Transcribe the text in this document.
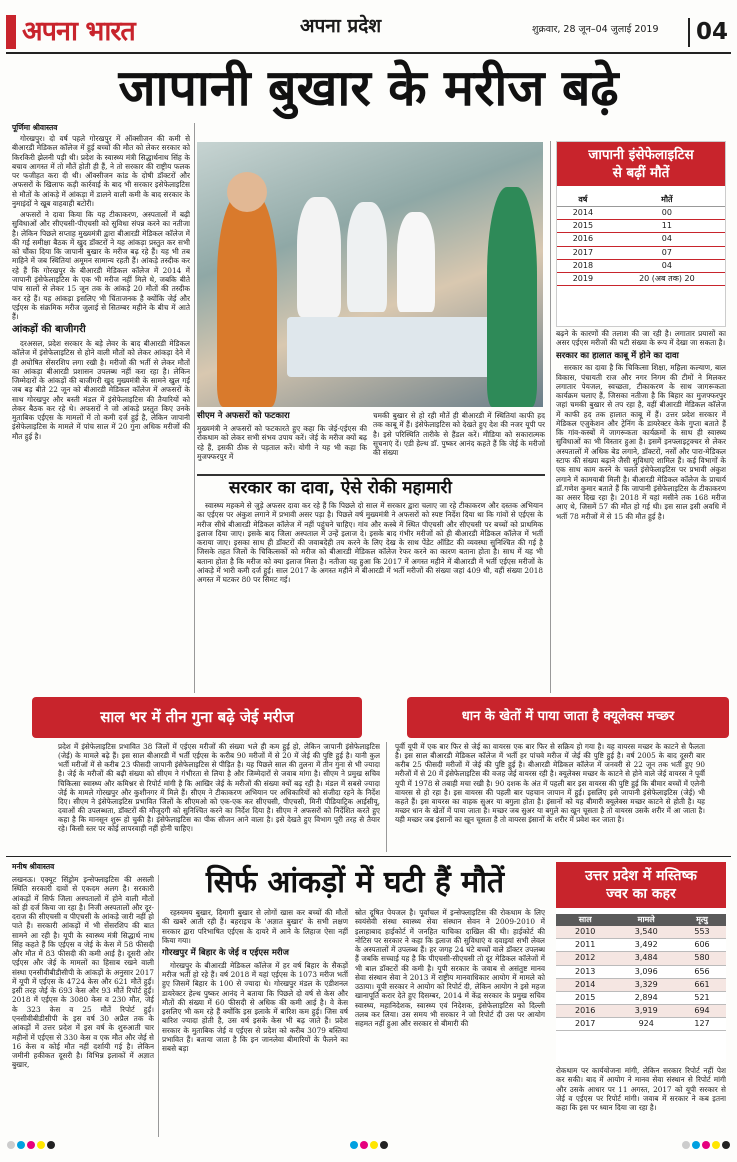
अपना भारत	अपना प्रदेश	शुक्रवार, 28 जून–04 जुलाई 2019	04
जापानी बुखार के मरीज बढ़े
पूर्णिमा श्रीवास्तव

गोरखपुर। दो वर्ष पहले गोरखपुर में ऑक्सीजन की कमी से बीआरडी मेडिकल कॉलेज में हुई बच्चों की मौत को लेकर सरकार को किरकिरी झेलनी पड़ी थी। प्रदेश के स्वास्थ्य मंत्री सिद्धार्थनाथ सिंह के बचाव आगस्त में तो मौतें होती ही हैं, ने तो सरकार की राष्ट्रीय फलक पर फजीहत करा दी थी। ऑक्सीजन कांड के दोषी डॉक्टरों और अफसरों के खिलाफ कड़ी कार्रवाई के बाद भी सरकार इसेफेलाइटिस से मौतों के आंकड़े में आंकड़ा में डालने वाली कमी के बाद सरकार के नुमाइंदों ने खूब वाहवाही बटोरी।

अफसरों ने दावा किया कि यह टीकाकरण, अस्पतालों में बढ़ी सुविधाओं और सीएचसी-पीएचसी को सुविधा संपन्न करने का नतीजा है। लेकिन पिछले सप्ताह मुख्यमंत्री द्वारा बीआरडी मेडिकल कॉलेज में की गई समीक्षा बैठक में खुद डॉक्टरों ने यह आंकड़ा प्रस्तुत कर सभी को चौंका दिया कि जापानी बुखार के मरीज बढ़ रहे हैं। यह भी तब माहिने में जब स्थितियां अमूमन सामान्य रहती हैं। आंकड़े तस्दीक कर रहे हैं कि गोरखपुर के बीआरडी मेडिकल कॉलेज में 2014 में जापानी इंसेफेलाइटिस के एक भी मरीज नहीं मिले थे, जबकि बीते पांच सालों से लेकर 15 जून तक के आंकड़े 20 मौतों की तस्दीक कर रहे हैं। यह आंकड़ा इसलिए भी चिंताजनक है क्योंकि जेई और एईएस के संक्रमिक मरीज जुलाई से सितम्बर महीने के बीच में आते हैं।

आंकड़ों की बाजीगरी

दरअसल, प्रदेश सरकार के बड़े लेवर के बाद बीआरडी मेडिकल कॉलेज में इंसेफेलाइटिस से होने वाली मौतों को लेकर आंकड़ा देने में ही अघोषित सेंसरशिप लगा रखी है। मरीजों की भर्ती से लेकर मौतों का आंकड़ा बीआरडी प्रशासन उपलब्ध नहीं करा रहा है। लेकिन जिम्मेदारों के आंकड़ों की बाजीगरी खुद मुख्यमंत्री के सामने खुल गई जब बड़ बीते 22 जून को बीआरडी मेडिकल कॉलेज में अफसरों के साथ गोरखपुर और बस्ती मंडल में इंसेफेलाइटिस की तैयारियों को लेकर बैठक कर रहे थे। अफसरों ने जो आंकड़े प्रस्तुत किए उनके मुताबिक एईएस के मामलों में तो कमी दर्ज हुई है, लेकिन जापानी इंसेफेलाइटिस के मामले में पांच साल में 20 गुना अधिक मरीजों की मौत हुई है।

सीएम ने अफसरों को फटकारा
मुख्यमंत्री ने अफसरों को फटकारते हुए कहा कि जेई-एईएस की रोकथाम को लेकर सभी संभव उपाय करें। जेई के मरीज क्यों बढ़ रहे हैं, इसकी ठीक से पड़ताल करें। योगी ने यह भी कहा कि मुजफ्फरपुर में
चमकी बुखार से हो रही मौतें ही बीआरडी में स्थितियां काफी हद तक काबू में हैं। इंसेफेलाइटिस को देखते हुए देश की नजर यूपी पर है। इसे परिस्थिति तारीके से हैंडल करें। मीडिया को सकारात्मक सूचनाएं दें। एडी हेल्थ डॉ. पुष्कर आनंद कहते हैं कि जेई के मरीजों की संख्या
सरकार का दावा, ऐसे रोकी महामारी

स्वास्थ्य महकमे से जुड़े अफसर दावा कर रहे हैं कि पिछले दो साल में सरकार द्वारा चलाए जा रहे टीकाकरण और दस्तक अभियान का एईएस पर अंकुश लगाने में प्रभावी असर पड़ा है। पिछले वर्ष मुख्यमंत्री ने अफसरों को स्पष्ट निर्देश दिया था कि गांवों से एईएस के मरीज सीधे बीआरडी मेडिकल कॉलेज में नहीं पहुंचने चाहिए। गांव और कस्बे में स्थित पीएचसी और सीएचसी पर बच्चों को प्राथमिक इलाज दिया जाए। इसके बाद जिला अस्पताल में उन्हें इलाज दे। इसके बाद गंभीर मरीजों को ही बीआरडी मेडिकल कॉलेज में भर्ती कराया जाए। इसका साथ ही डॉक्टरों की जवाबदेही तय करने के लिए देख के साथ पेंडेट ऑडिट की व्यवस्था सुनिश्चित की गई है जिसके तहत जिलों के चिकित्सकों को मरीज को बीआरडी मेडिकल कॉलेज रेफर करने का कारण बताना होता है। साथ में यह भी बताना होता है कि मरीज को क्या इलाज मिला है। नतीजा यह हुआ कि 2017 में अगस्त महीने में बीआरडी में भर्ती एईएस मरीजों के आंकड़े में भारी कमी दर्ज हुई। साल 2017 के अगस्त महीने में बीआरडी में भर्ती मरीजों की संख्या जहां 409 थी, वहीं संख्या 2018 अगस्त में घटकर 80 पर सिमट गई।

जापानी इंसेफेलाइटिस
से बढ़ीं मौतें
वर्ष	मौतें
2014	00
2015	11
2016	04
2017	07
2018	04
2019	20 (अब तक) 20

बढ़ने के कारणों की तलाश की जा रही है। लगातार प्रयासों का असर एईएस मरीजों की घटी संख्या के रूप में देखा जा सकता है।

सरकार का हालात काबू में होने का दावा

सरकार का दावा है कि चिकित्सा शिक्षा, महिला कल्याण, बाल विकास, पंचायती राज और नगर निगम की टीमों ने मिलकर लगातार पेयजल, स्वच्छता, टीकाकरण के साथ जागरूकता कार्यक्रम चलाए हैं, जिसका नतीजा है कि बिहार का मुजफ्फरपुर जहां चमकी बुखार से तप रहा है, वहीं बीआरडी मेडिकल कॉलेज में काफी हद तक हालात काबू में हैं। उत्तर प्रदेश सरकार में मेडिकल एजुकेशन और ट्रेनिंग के डायरेक्टर केके गुप्ता बताते हैं कि गांव-कस्बों में जागरूकता कार्यक्रमों के साथ ही स्वास्थ्य सुविधाओं का भी विस्तार हुआ है। इसमें इनफ्लाइट्रक्चर से लेकर अस्पतालों में अधिक बेड लगाने, डॉक्टरों, नर्सों और पारा-मेडिकल स्टाफ की संख्या बढ़ाने जैसी सुविधाएं शामिल हैं। कई विभागों के एक साथ काम करने के चलते इंसेफेलाइटिस पर प्रभावी अंकुश लगाने में कामयाबी मिली है। बीआरडी मेडिकल कॉलेज के प्राचार्य डॉ.गणेश कुमार बताते हैं कि जापानी इंसेफेलाइटिस के टीकाकरण का असर दिख रहा है। 2018 में यहां मसीने तक 168 मरीज आए थे, जिसमें 57 की मौत हो गई थी। इस साल इसी अवधि में भर्ती 78 मरीजों में से 15 की मौत हुई है।

साल भर में तीन गुना बढ़े जेई मरीज	धान के खेतों में पाया जाता है क्यूलेक्स मच्छर
प्रदेश में इंसेफेलाइटिस प्रभावित 38 जिलों में एईएस मरीजों की संख्या भले ही कम हुई हो, लेकिन जापानी इंसेफेलाइटिस (जेई) के मामले बढ़े हैं। इस साल बीआरडी में भर्ती एईएस के करीब 90 मरीजों में से 20 में जेई की पुष्टि हुई है। यानी कुल भर्ती मरीजों में से करीब 23 फीसदी जापानी इंसेफेलाइटिस से पीड़ित है। यह पिछले साल की तुलना में तीन गुना से भी ज्यादा है। जेई के मरीजों की बढ़ी संख्या को सीएम ने गंभीरता से लिया है और जिम्मेदारों से जवाब मांगा है। सीएम ने प्रमुख सचिव चिकित्सा स्वास्थ्य और कमिश्नर से रिपोर्ट मांगी है कि आखिर जेई के मरीजों की संख्या क्यों बढ़ रही है। मंडल में सबसे ज्यादा जेई के मामले गोरखपुर और कुशीनगर में मिले हैं। सीएम ने टीकाकरण अभियान पर अधिकारियों को संजीदा रहने के निर्देश दिए। सीएम ने इंसेफेलाइटिस प्रभावित जिलों के सीएमओ को एक-एक कर सीएचसी, पीएचसी, मिनी पीडियाट्रिक आईसीयू, दवाओं की उपलब्धता, डॉक्टरों की मौजूदगी को सुनिश्चित करने का निर्देश दिया है। सीएम ने अफसरों को निर्देशित करते हुए कहा है कि मानसून शुरू हो चुकी है। इंसेफेलाइटिस का पीक सीजन आने वाला है। इसे देखते हुए विभाग पूरी तरह से तैयार रहे। किसी स्तर पर कोई लापरवाही नहीं होनी चाहिए।
पूर्वी यूपी में एक बार फिर से जेई का वायरस एक बार फिर से सक्रिय हो गया है। यह वायरस मच्छर के काटने से फैलता है। इस साल बीआरडी मेडिकल कॉलेज में भर्ती हर पांचवे मरीज में जेई की पुष्टि हुई है। वर्ष 2005 के बाद दूसरी बार करीब 25 फीसदी मरीजों में जेई की पुष्टि हुई है। बीआरडी मेडिकल कॉलेज में जनवरी से 22 जून तक भर्ती हुए 90 मरीजों में से 20 में इंसेफेलाइटिस की वजह जेई वायरस रही है। क्यूलेक्स मच्छर के काटने से होने वाले जेई वायरस ने पूर्वी यूपी में 1978 से तबाही मचा रखी है। 90 दशक के अंत में पहली बार इस वायरस की पुष्टि हुई कि बीमार बच्चों में एलेनी वायरस से हो रहा है। इस वायरस की पहली बार पहचान जापान में हुई। इसलिए इसे जापानी इंसेफेलाइटिस (जेई) भी कहते हैं। इस वायरस का वाहक सुअर या बगुला होता है। इंसानों को यह बीमारी क्यूलेक्स मच्छर काटने से होती है। यह मच्छर धान के खेतों में पाया जाता है। मच्छर जब सुअर या बगुले का खून चूसता है तो वायरस उसके शरीर में आ जाता है। यही मच्छर जब इंसानों का खून चूसता है तो वायरस इंसानों के शरीर में प्रवेश कर जाता है।
मनीष श्रीवास्तव	सिर्फ आंकड़ों में घटी हैं मौतें
लखनऊ। एक्यूट सिंड्रोम इन्सेफ्लाइटिस की असली स्थिति सरकारी दावों से एकदम अलग है। सरकारी आंकड़ों में सिर्फ जिला अस्पतालों में होने वाली मौतों को ही दर्ज किया जा रहा है। निजी अस्पतालों और दूर-दराज की सीएचसी व पीएचसी के आंकड़े जारी नहीं हो पाते हैं। सरकारी आंकड़ों में भी सेंसरशिप की बात सामने आ रही है। यूपी के स्वास्थ्य मंत्री सिद्धार्थ नाथ सिंह कहते हैं कि एईएस व जेई के केस में 58 फीसदी और मौत में 83 फीसदी की कमी आई है। दूसरी ओर एईएस और जेई के मामलों का हिसाब रखने वाली संस्था एनसीवीबीडीसीपी के आंकड़ों के अनुसार 2017 में यूपी में एईएस के 4724 केस और 621 मौतें हुईं। इसी तरह जेई के 693 केस और 93 मौतें रिपोर्ट हुईं। 2018 में एईएस के 3080 केस व 230 मौत, जेई के 323 केस व 25 मौतें रिपोर्ट हुईं। एनसीवीबीडीसीपी के इस वर्ष 30 अप्रैल तक के आंकड़ों में उत्तर प्रदेश में इस वर्ष के शुरुआती चार महीनों में एईएस से 330 केस व एक मौत और जेई से 16 केस व कोई मौत नहीं दर्शायी गई है। लेकिन जमीनी हकीकत दूसरी है। विभिन्न इलाकों में अज्ञात बुखार,

रहस्यमय बुखार, दिमागी बुखार से लोगों खास कर बच्चों की मौतों की खबरें आती रही हैं। बहराइच के 'अज्ञात बुखार' के सभी लक्षण सरकार द्वारा परिभाषित एईएस के दायरे में आने के लिहाज ऐसा नहीं किया गया।

गोरखपुर में बिहार के जेई व एईएस मरीज

गोरखपुर के बीआरडी मेडिकल कॉलेज में हर वर्ष बिहार के सैकड़ों मरीज भर्ती हो रहे हैं। वर्ष 2018 में यहां एईएस के 1073 मरीज भर्ती हुए जिसमें बिहार के 100 से ज्यादा थे। गोरखपुर मंडल के एडीशनल डायरेक्टर हेल्थ पुष्कर आनंद ने बताया कि पिछले दो वर्ष से केस और मौतों की संख्या में 60 फीसदी से अधिक की कमी आई है। वे केस इसलिए भी कम रहे हैं क्योंकि इस इलाके में बारिश कम हुई। जिस वर्ष बारिश ज्यादा होती है, उस वर्ष इसके केस भी बढ़ जाते हैं। प्रदेश सरकार के मुताबिक जेई व एईएस से प्रदेश को करीब 3079 बस्तियां प्रभावित हैं। बताया जाता है कि इन जानलेवा बीमारियों के फैलने का सबसे बड़ा

स्रोत दूषित पेयजल है। पूर्वांचल में इन्सेफ्लाइटिस की रोकथाम के लिए स्वयंसेवी संस्था स्वास्थ्य सेवा संस्थान सेवन ने 2009-2010 में इलाहाबाद हाईकोर्ट में जनहित याचिका दाखिल की थी। हाईकोर्ट की नोटिस पर सरकार ने कहा कि इलाज की सुविधाएं व दवाइयां सभी लेवल के अस्पतालों में उपलब्ध हैं। हर जगह 24 घंटे बच्चों वाले डॉक्टर उपलब्ध हैं जबकि सच्चाई यह है कि पीएचसी-सीएचसी तो दूर मेडिकल कॉलेजों में भी बाल डॉक्टरों की कमी है। यूपी सरकार के जवाब से असंतुष्ट मानव सेवा संस्थान सेवा ने 2013 में राष्ट्रीय मानवाधिकार आयोग में मामले को उठाया। यूपी सरकार ने आयोग को रिपोर्ट दी, लेकिन आयोग ने इसे महज खानापूर्ति करार देते हुए दिसम्बर, 2014 में केंद्र सरकार के प्रमुख सचिव स्वास्थ्य, महानिदेशक, स्वास्थ्य एवं निदेशक, इंसेफेलाइटिस को दिल्ली तलब कर लिया। उस समय भी सरकार ने जो रिपोर्ट दी उस पर आयोग सहमत नहीं हुआ और सरकार से बीमारी की
उत्तर प्रदेश में मस्तिष्क
ज्वर का कहर
साल	मामले	मृत्यु
2010	3,540	553
2011	3,492	606
2012	3,484	580
2013	3,096	656
2014	3,329	661
2015	2,894	521
2016	3,919	694
2017	924	127
रोकथाम पर कार्ययोजना मांगी, लेकिन सरकार रिपोर्ट नहीं पेश कर सकी। बाद में आयोग ने मानव सेवा संस्थान से रिपोर्ट मांगी और उसके आधार पर 11 अगस्त, 2017 को यूपी सरकार से जेई व एईएस पर रिपोर्ट मांगी। जवाब में सरकार ने कब इतना कहा कि इस पर ध्यान दिया जा रहा है।
